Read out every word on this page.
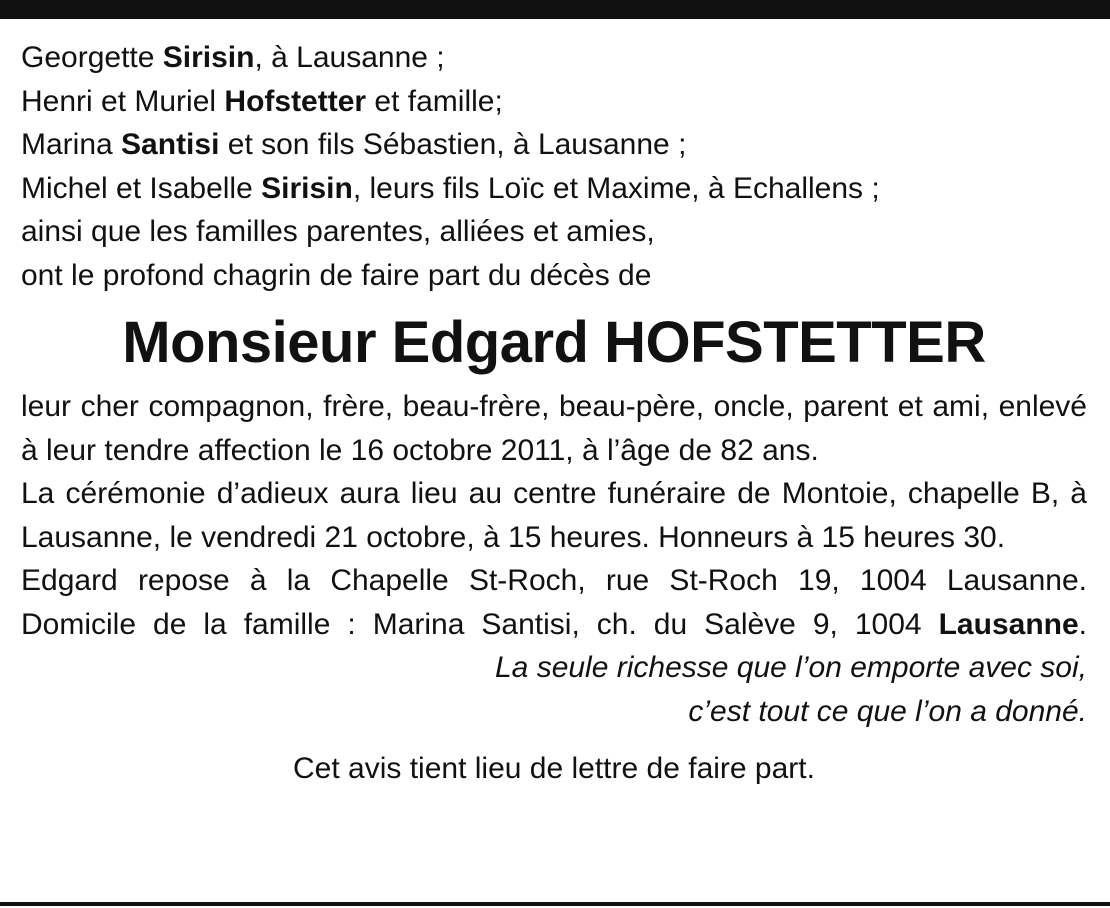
Georgette Sirisin, à Lausanne ;
Henri et Muriel Hofstetter et famille;
Marina Santisi et son fils Sébastien, à Lausanne ;
Michel et Isabelle Sirisin, leurs fils Loïc et Maxime, à Echallens ;
ainsi que les familles parentes, alliées et amies,
ont le profond chagrin de faire part du décès de
Monsieur Edgard HOFSTETTER
leur cher compagnon, frère, beau-frère, beau-père, oncle, parent et ami, enlevé à leur tendre affection le 16 octobre 2011, à l’âge de 82 ans.
La cérémonie d’adieux aura lieu au centre funéraire de Montoie, chapelle B, à Lausanne, le vendredi 21 octobre, à 15 heures. Honneurs à 15 heures 30.
Edgard repose à la Chapelle St-Roch, rue St-Roch 19, 1004 Lausanne.
Domicile de la famille : Marina Santisi, ch. du Salève 9, 1004 Lausanne.
La seule richesse que l’on emporte avec soi,
c’est tout ce que l’on a donné.
Cet avis tient lieu de lettre de faire part.
